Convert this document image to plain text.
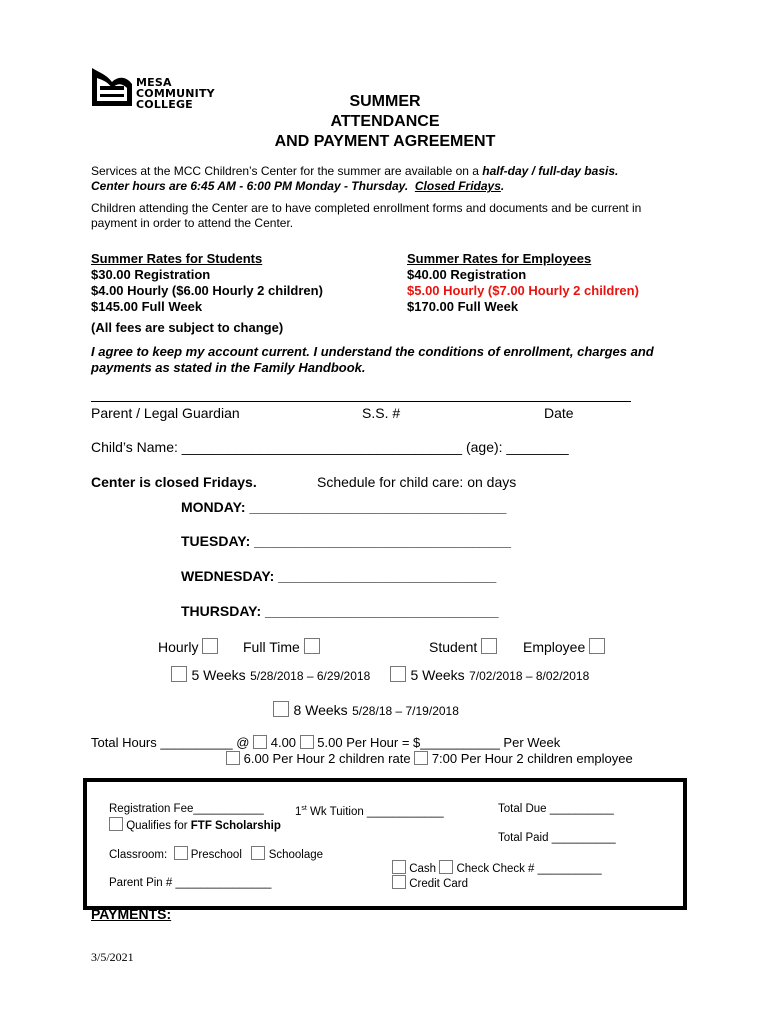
MESA
COMMUNITY
COLLEGE	SUMMER
ATTENDANCE
AND PAYMENT AGREEMENT
Services at the MCC Children’s Center for the summer are available on a half-day / full-day basis.
Center hours are 6:45 AM - 6:00 PM Monday - Thursday. Closed Fridays.
Children attending the Center are to have completed enrollment forms and documents and be current in payment in order to attend the Center.
Summer Rates for Students
$30.00 Registration
$4.00 Hourly ($6.00 Hourly 2 children)
$145.00 Full Week
Summer Rates for Employees
$40.00 Registration
$5.00 Hourly ($7.00 Hourly 2 children)
$170.00 Full Week
(All fees are subject to change)
I agree to keep my account current. I understand the conditions of enrollment, charges and payments as stated in the Family Handbook.
Parent / Legal Guardian	S.S. #	Date
Child’s Name: ____________________________________ (age): ________
Center is closed Fridays.	Schedule for child care: on days
MONDAY: _________________________________
TUESDAY: _________________________________
WEDNESDAY: ____________________________
THURSDAY: ______________________________
Hourly	Full Time	Student	Employee
5 Weeks 5/28/2018 – 6/29/2018	5 Weeks 7/02/2018 – 8/02/2018
8 Weeks 5/28/18 – 7/19/2018
Total Hours __________ @ 4.00 5.00 Per Hour = $___________ Per Week
6.00 Per Hour 2 children rate 7:00 Per Hour 2 children employee
Registration Fee___________	1st Wk Tuition ____________	Total Due __________
Qualifies for FTF Scholarship
Total Paid __________
Classroom: Preschool Schoolage
Cash Check Check # __________
Credit Card
Parent Pin # _______________
PAYMENTS:
3/5/2021
